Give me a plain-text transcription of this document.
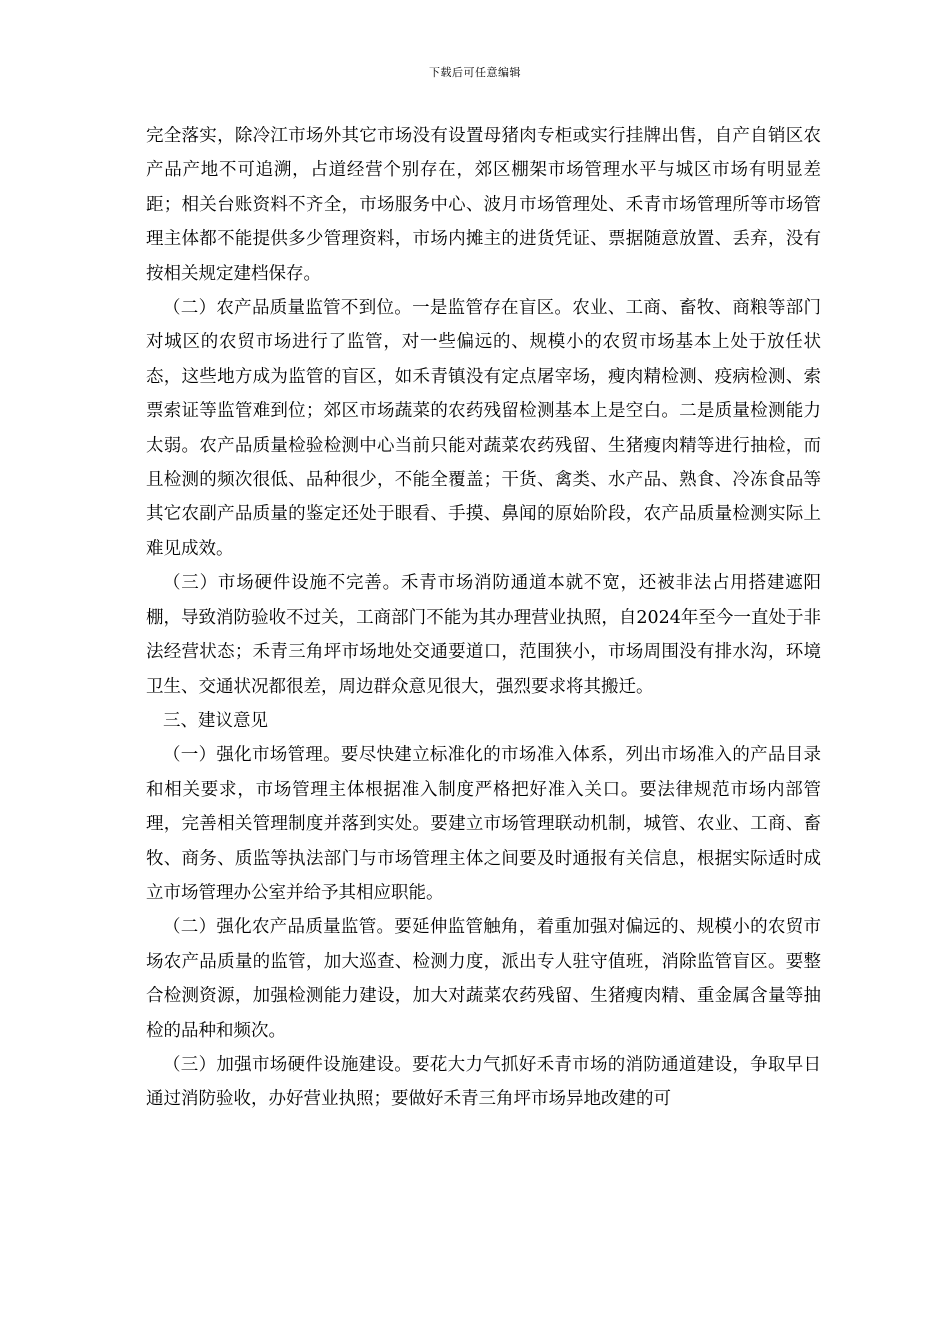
下载后可任意编辑

完全落实，除冷江市场外其它市场没有设置母猪肉专柜或实行挂牌出售，自产自销区农产品产地不可追溯，占道经营个别存在，郊区棚架市场管理水平与城区市场有明显差距；相关台账资料不齐全，市场服务中心、波月市场管理处、禾青市场管理所等市场管理主体都不能提供多少管理资料，市场内摊主的进货凭证、票据随意放置、丢弃，没有按相关规定建档保存。

（二）农产品质量监管不到位。一是监管存在盲区。农业、工商、畜牧、商粮等部门对城区的农贸市场进行了监管，对一些偏远的、规模小的农贸市场基本上处于放任状态，这些地方成为监管的盲区，如禾青镇没有定点屠宰场，瘦肉精检测、疫病检测、索票索证等监管难到位；郊区市场蔬菜的农药残留检测基本上是空白。二是质量检测能力太弱。农产品质量检验检测中心当前只能对蔬菜农药残留、生猪瘦肉精等进行抽检，而且检测的频次很低、品种很少，不能全覆盖；干货、禽类、水产品、熟食、冷冻食品等其它农副产品质量的鉴定还处于眼看、手摸、鼻闻的原始阶段，农产品质量检测实际上难见成效。

（三）市场硬件设施不完善。禾青市场消防通道本就不宽，还被非法占用搭建遮阳棚，导致消防验收不过关，工商部门不能为其办理营业执照，自2024年至今一直处于非法经营状态；禾青三角坪市场地处交通要道口，范围狭小，市场周围没有排水沟，环境卫生、交通状况都很差，周边群众意见很大，强烈要求将其搬迁。

三、建议意见

（一）强化市场管理。要尽快建立标准化的市场准入体系，列出市场准入的产品目录和相关要求，市场管理主体根据准入制度严格把好准入关口。要法律规范市场内部管理，完善相关管理制度并落到实处。要建立市场管理联动机制，城管、农业、工商、畜牧、商务、质监等执法部门与市场管理主体之间要及时通报有关信息，根据实际适时成立市场管理办公室并给予其相应职能。

（二）强化农产品质量监管。要延伸监管触角，着重加强对偏远的、规模小的农贸市场农产品质量的监管，加大巡查、检测力度，派出专人驻守值班，消除监管盲区。要整合检测资源，加强检测能力建设，加大对蔬菜农药残留、生猪瘦肉精、重金属含量等抽检的品种和频次。

（三）加强市场硬件设施建设。要花大力气抓好禾青市场的消防通道建设，争取早日通过消防验收，办好营业执照；要做好禾青三角坪市场异地改建的可
